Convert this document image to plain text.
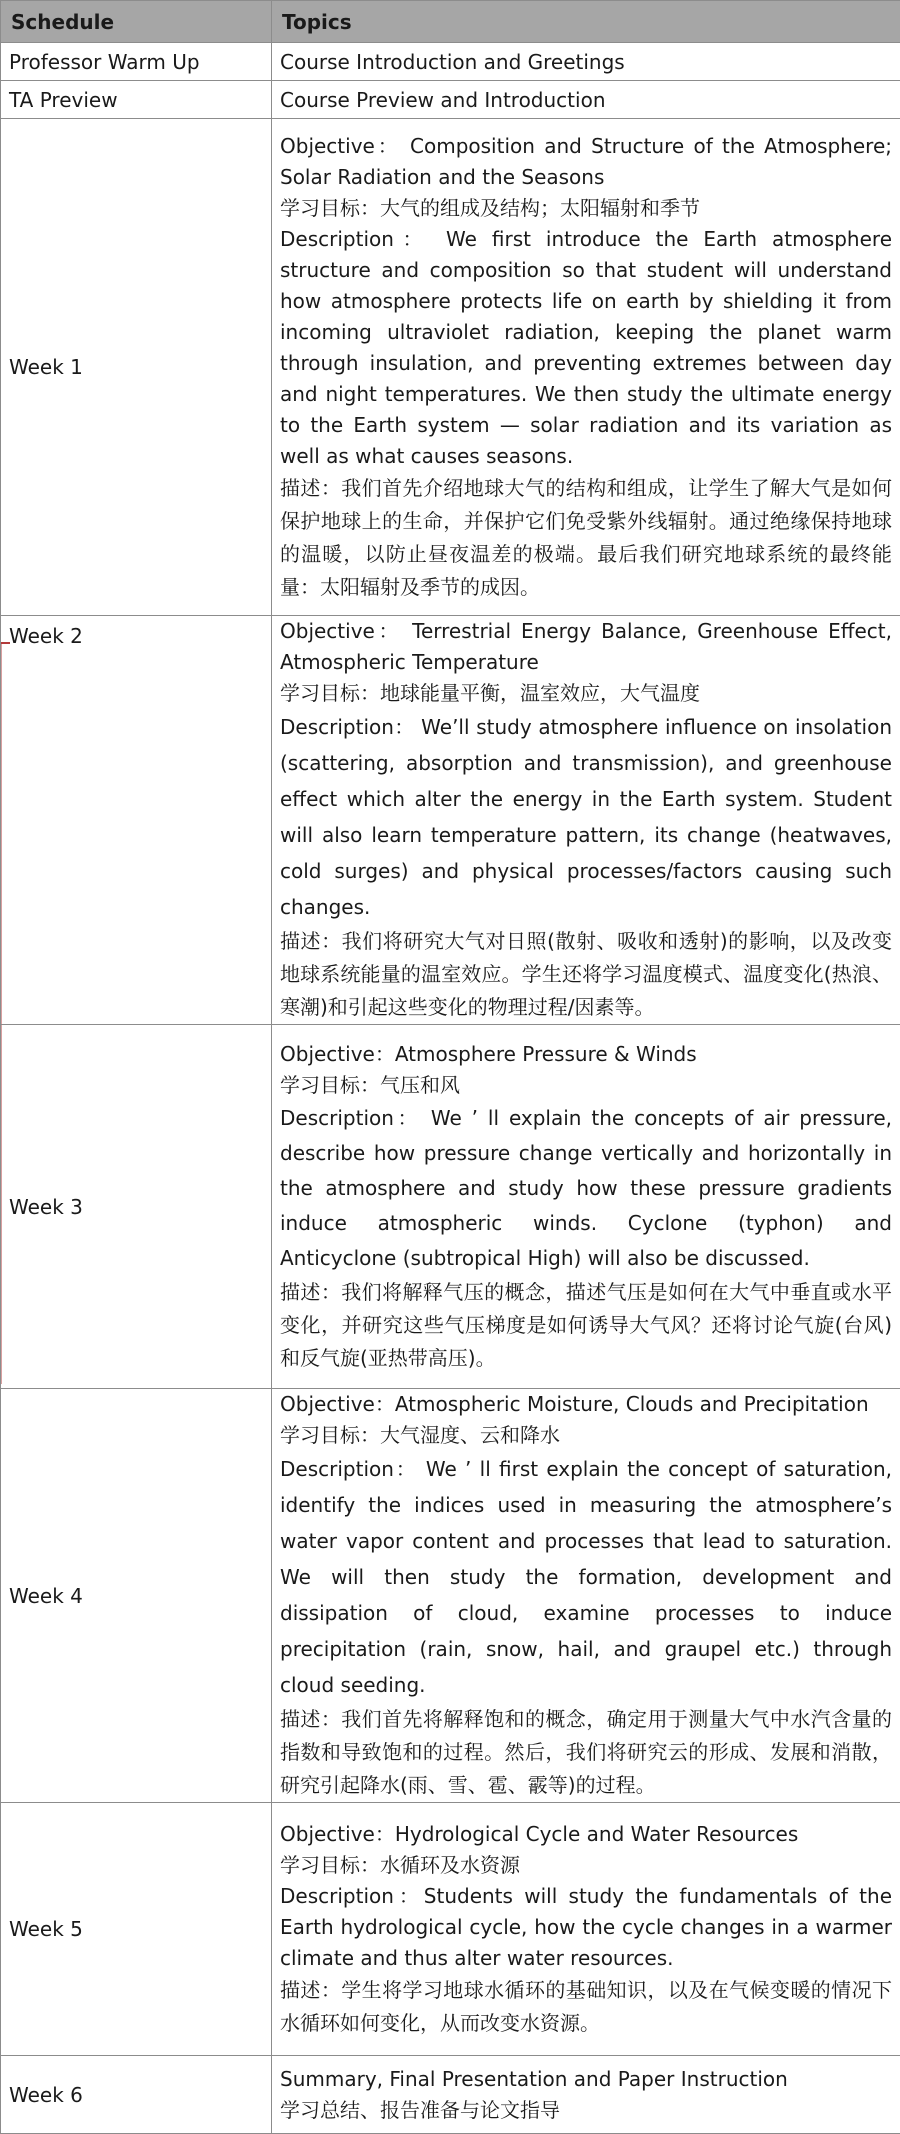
Schedule	Topics
Professor Warm Up	Course Introduction and Greetings
TA Preview	Course Preview and Introduction
Week 1	Objective： Composition and Structure of the Atmosphere; Solar Radiation and the Seasons

学习目标：大气的组成及结构；太阳辐射和季节

Description： We first introduce the Earth atmosphere structure and composition so that student will understand how atmosphere protects life on earth by shielding it from incoming ultraviolet radiation, keeping the planet warm through insulation, and preventing extremes between day and night temperatures. We then study the ultimate energy to the Earth system — solar radiation and its variation as well as what causes seasons.

描述：我们首先介绍地球大气的结构和组成，让学生了解大气是如何保护地球上的生命，并保护它们免受紫外线辐射。通过绝缘保持地球的温暖，以防止昼夜温差的极端。最后我们研究地球系统的最终能量：太阳辐射及季节的成因。

Week 2	Objective： Terrestrial Energy Balance, Greenhouse Effect, Atmospheric Temperature

学习目标：地球能量平衡，温室效应，大气温度

Description： We’ll study atmosphere influence on insolation (scattering, absorption and transmission), and greenhouse effect which alter the energy in the Earth system. Student will also learn temperature pattern, its change (heatwaves, cold surges) and physical processes/factors causing such changes.

描述：我们将研究大气对日照(散射、吸收和透射)的影响，以及改变地球系统能量的温室效应。学生还将学习温度模式、温度变化(热浪、寒潮)和引起这些变化的物理过程/因素等。

Week 3	Objective：Atmosphere Pressure & Winds

学习目标：气压和风

Description： We ’ ll explain the concepts of air pressure, describe how pressure change vertically and horizontally in the atmosphere and study how these pressure gradients induce atmospheric winds. Cyclone (typhon) and Anticyclone (subtropical High) will also be discussed.

描述：我们将解释气压的概念，描述气压是如何在大气中垂直或水平变化，并研究这些气压梯度是如何诱导大气风？还将讨论气旋(台风)和反气旋(亚热带高压)。

Week 4	Objective：Atmospheric Moisture, Clouds and Precipitation

学习目标：大气湿度、云和降水

Description： We ’ ll first explain the concept of saturation, identify the indices used in measuring the atmosphere’s water vapor content and processes that lead to saturation. We will then study the formation, development and dissipation of cloud, examine processes to induce precipitation (rain, snow, hail, and graupel etc.) through cloud seeding.

描述：我们首先将解释饱和的概念，确定用于测量大气中水汽含量的指数和导致饱和的过程。然后，我们将研究云的形成、发展和消散，研究引起降水(雨、雪、雹、霰等)的过程。

Week 5	Objective：Hydrological Cycle and Water Resources

学习目标：水循环及水资源

Description：Students will study the fundamentals of the Earth hydrological cycle, how the cycle changes in a warmer climate and thus alter water resources.

描述：学生将学习地球水循环的基础知识，以及在气候变暖的情况下水循环如何变化，从而改变水资源。

Week 6	Summary, Final Presentation and Paper Instruction

学习总结、报告准备与论文指导
